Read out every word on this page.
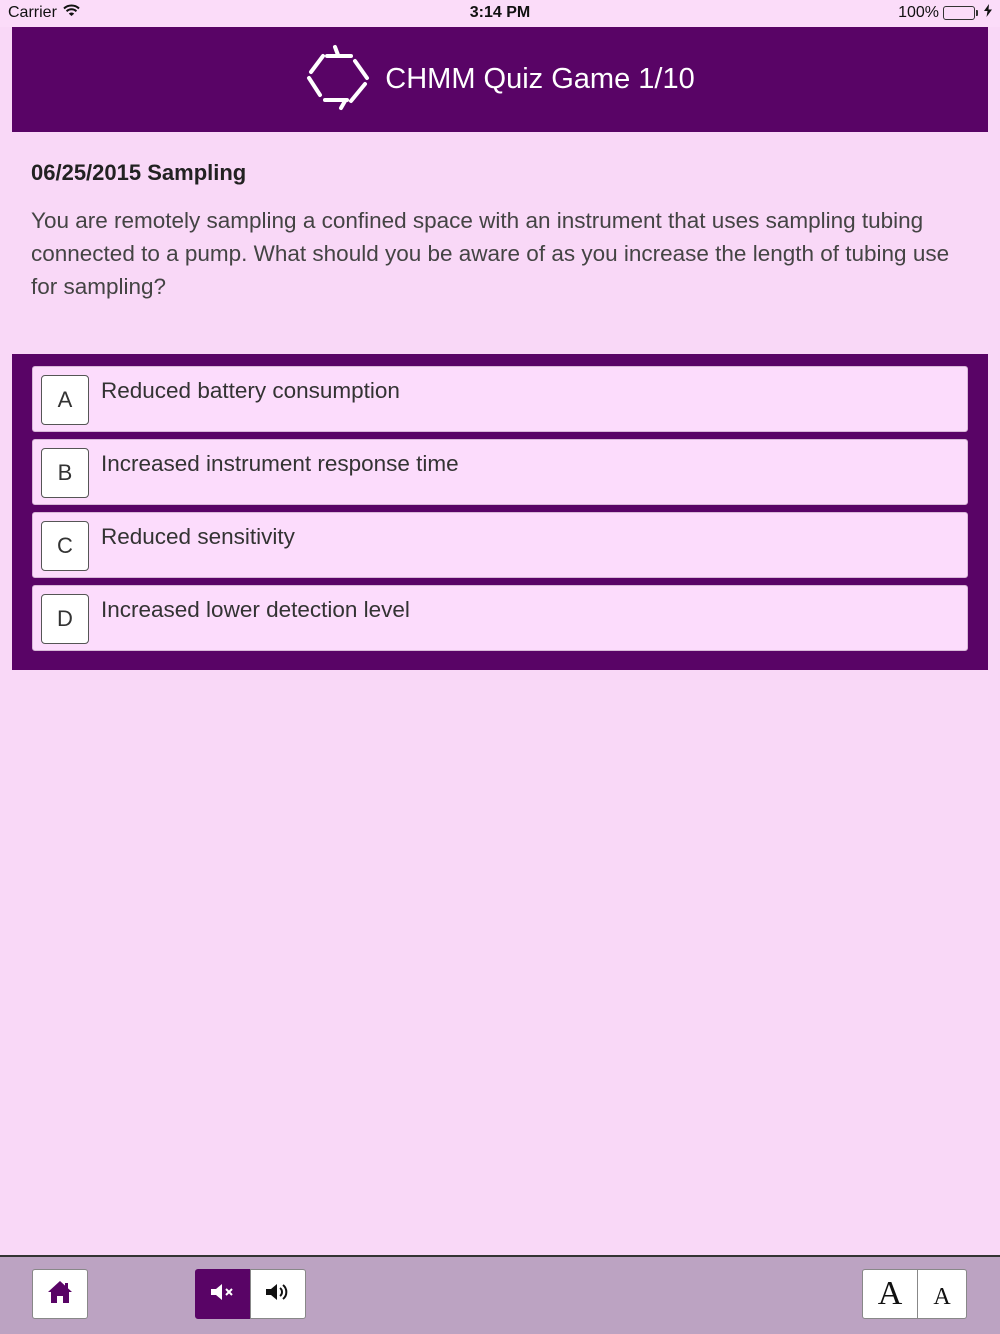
Carrier	3:14 PM	100%
CHMM Quiz Game 1/10
06/25/2015 Sampling
You are remotely sampling a confined space with an instrument that uses sampling tubing connected to a pump. What should you be aware of as you increase the length of tubing use for sampling?
A	Reduced battery consumption
B	Increased instrument response time
C	Reduced sensitivity
D	Increased lower detection level
A	A
